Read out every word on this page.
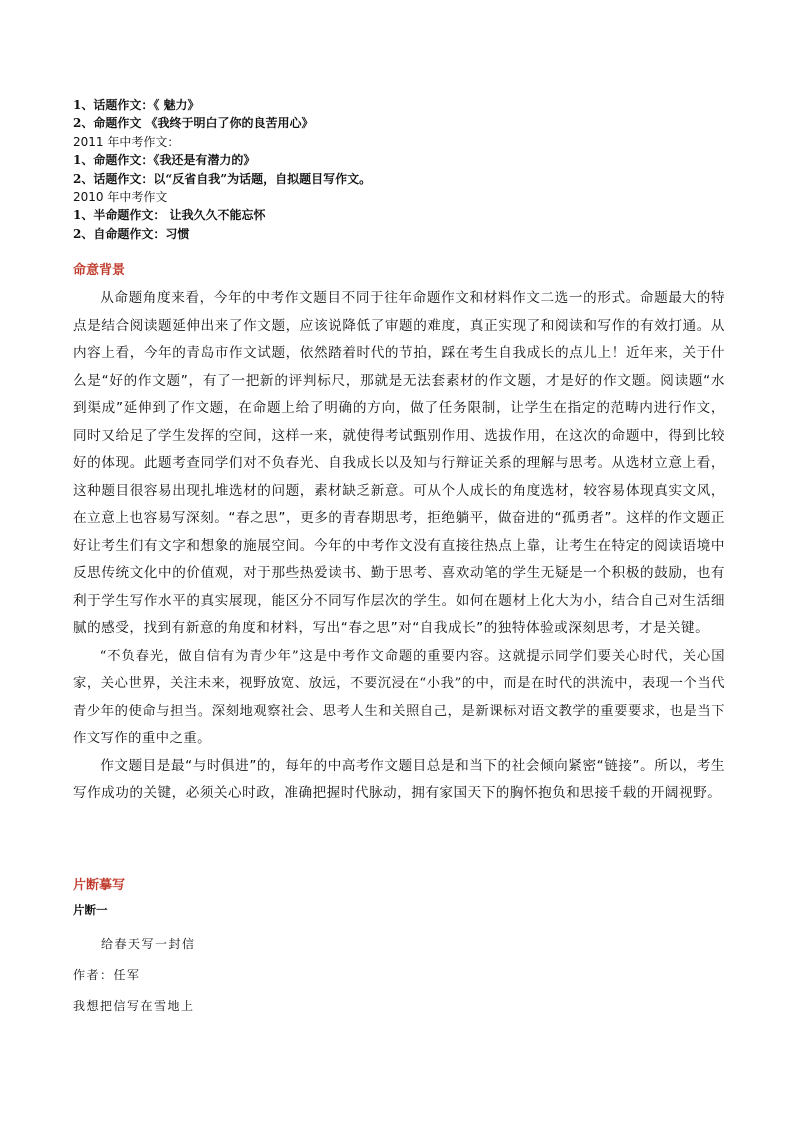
1、话题作文：《 魅力》
2、命题作文 《我终于明白了你的良苦用心》
2011 年中考作文：
1、命题作文：《我还是有潜力的》
2、话题作文：以“反省自我”为话题，自拟题目写作文。
2010 年中考作文
1、半命题作文： 让我久久不能忘怀
2、自命题作文：习惯
命意背景

从命题角度来看，今年的中考作文题目不同于往年命题作文和材料作文二选一的形式。命题最大的特点是结合阅读题延伸出来了作文题，应该说降低了审题的难度，真正实现了和阅读和写作的有效打通。从内容上看，今年的青岛市作文试题，依然踏着时代的节拍，踩在考生自我成长的点儿上！近年来，关于什么是“好的作文题”，有了一把新的评判标尺，那就是无法套素材的作文题，才是好的作文题。阅读题“水到渠成”延伸到了作文题，在命题上给了明确的方向，做了任务限制，让学生在指定的范畴内进行作文，同时又给足了学生发挥的空间，这样一来，就使得考试甄别作用、选拔作用，在这次的命题中，得到比较好的体现。此题考查同学们对不负春光、自我成长以及知与行辩证关系的理解与思考。从选材立意上看，这种题目很容易出现扎堆选材的问题，素材缺乏新意。可从个人成长的角度选材，较容易体现真实文风，在立意上也容易写深刻。“春之思”，更多的青春期思考，拒绝躺平，做奋进的“孤勇者”。这样的作文题正好让考生们有文字和想象的施展空间。今年的中考作文没有直接往热点上靠，让考生在特定的阅读语境中反思传统文化中的价值观，对于那些热爱读书、勤于思考、喜欢动笔的学生无疑是一个积极的鼓励，也有利于学生写作水平的真实展现，能区分不同写作层次的学生。如何在题材上化大为小，结合自己对生活细腻的感受，找到有新意的角度和材料，写出“春之思”对“自我成长”的独特体验或深刻思考，才是关键。

“不负春光，做自信有为青少年”这是中考作文命题的重要内容。这就提示同学们要关心时代，关心国家，关心世界，关注未来，视野放宽、放远，不要沉浸在“小我”的中，而是在时代的洪流中，表现一个当代青少年的使命与担当。深刻地观察社会、思考人生和关照自己，是新课标对语文教学的重要要求，也是当下作文写作的重中之重。

作文题目是最“与时俱进”的，每年的中高考作文题目总是和当下的社会倾向紧密“链接”。所以，考生写作成功的关键，必须关心时政，准确把握时代脉动，拥有家国天下的胸怀抱负和思接千载的开阔视野。

片断摹写
片断一
给春天写一封信
作者：任军
我想把信写在雪地上
